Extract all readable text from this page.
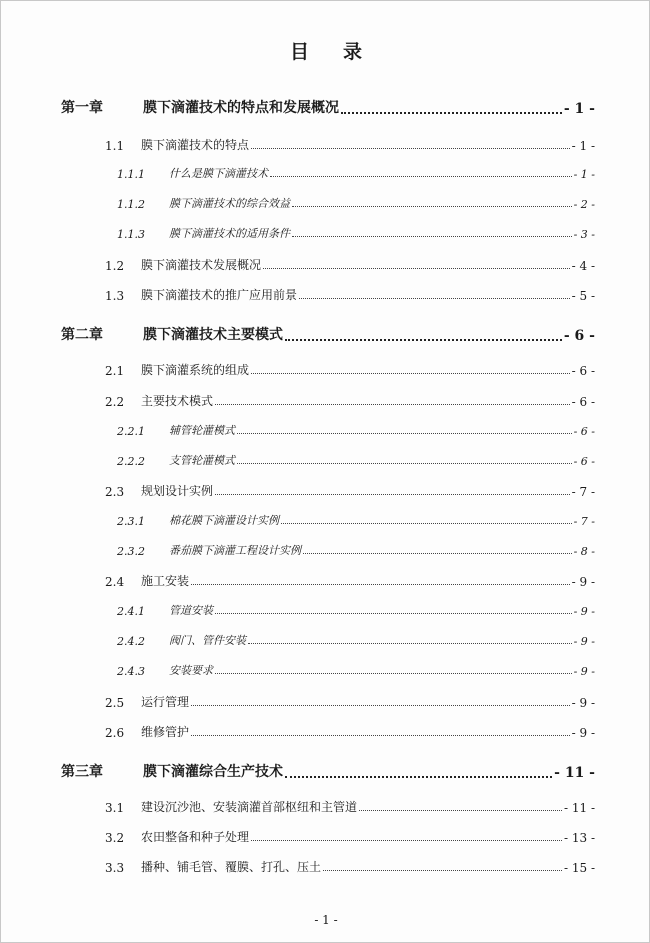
目 录
第一章	膜下滴灌技术的特点和发展概况	- 1 -
1.1	膜下滴灌技术的特点	- 1 -
1.1.1	什么是膜下滴灌技术	- 1 -
1.1.2	膜下滴灌技术的综合效益	- 2 -
1.1.3	膜下滴灌技术的适用条件	- 3 -
1.2	膜下滴灌技术发展概况	- 4 -
1.3	膜下滴灌技术的推广应用前景	- 5 -
第二章	膜下滴灌技术主要模式	- 6 -
2.1	膜下滴灌系统的组成	- 6 -
2.2	主要技术模式	- 6 -
2.2.1	辅管轮灌模式	- 6 -
2.2.2	支管轮灌模式	- 6 -
2.3	规划设计实例	- 7 -
2.3.1	棉花膜下滴灌设计实例	- 7 -
2.3.2	番茄膜下滴灌工程设计实例	- 8 -
2.4	施工安装	- 9 -
2.4.1	管道安装	- 9 -
2.4.2	阀门、管件安装	- 9 -
2.4.3	安装要求	- 9 -
2.5	运行管理	- 9 -
2.6	维修管护	- 9 -
第三章	膜下滴灌综合生产技术	- 11 -
3.1	建设沉沙池、安装滴灌首部枢纽和主管道	- 11 -
3.2	农田整备和种子处理	- 13 -
3.3	播种、铺毛管、覆膜、打孔、压土	- 15 -
- 1 -
